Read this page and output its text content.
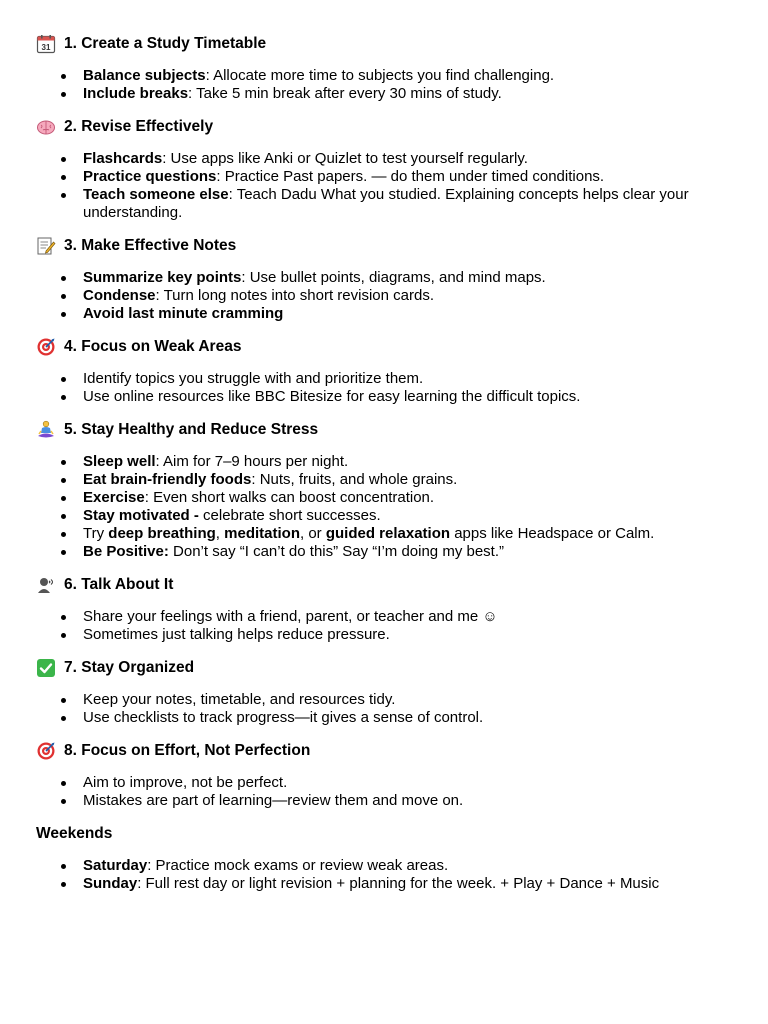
31 1. Create a Study Timetable
Balance subjects: Allocate more time to subjects you find challenging.
Include breaks: Take 5 min break after every 30 mins of study.
2. Revise Effectively
Flashcards: Use apps like Anki or Quizlet to test yourself regularly.
Practice questions: Practice Past papers. — do them under timed conditions.
Teach someone else: Teach Dadu What you studied. Explaining concepts helps clear your understanding.
3. Make Effective Notes
Summarize key points: Use bullet points, diagrams, and mind maps.
Condense: Turn long notes into short revision cards.
Avoid last minute cramming
4. Focus on Weak Areas
Identify topics you struggle with and prioritize them.
Use online resources like BBC Bitesize for easy learning the difficult topics.
5. Stay Healthy and Reduce Stress
Sleep well: Aim for 7–9 hours per night.
Eat brain-friendly foods: Nuts, fruits, and whole grains.
Exercise: Even short walks can boost concentration.
Stay motivated - celebrate short successes.
Try deep breathing, meditation, or guided relaxation apps like Headspace or Calm.
Be Positive: Don’t say “I can’t do this” Say “I’m doing my best.”
6. Talk About It
Share your feelings with a friend, parent, or teacher and me ☺
Sometimes just talking helps reduce pressure.
7. Stay Organized
Keep your notes, timetable, and resources tidy.
Use checklists to track progress—it gives a sense of control.
8. Focus on Effort, Not Perfection
Aim to improve, not be perfect.
Mistakes are part of learning—review them and move on.
Weekends
Saturday: Practice mock exams or review weak areas.
Sunday: Full rest day or light revision + planning for the week. + Play + Dance + Music
